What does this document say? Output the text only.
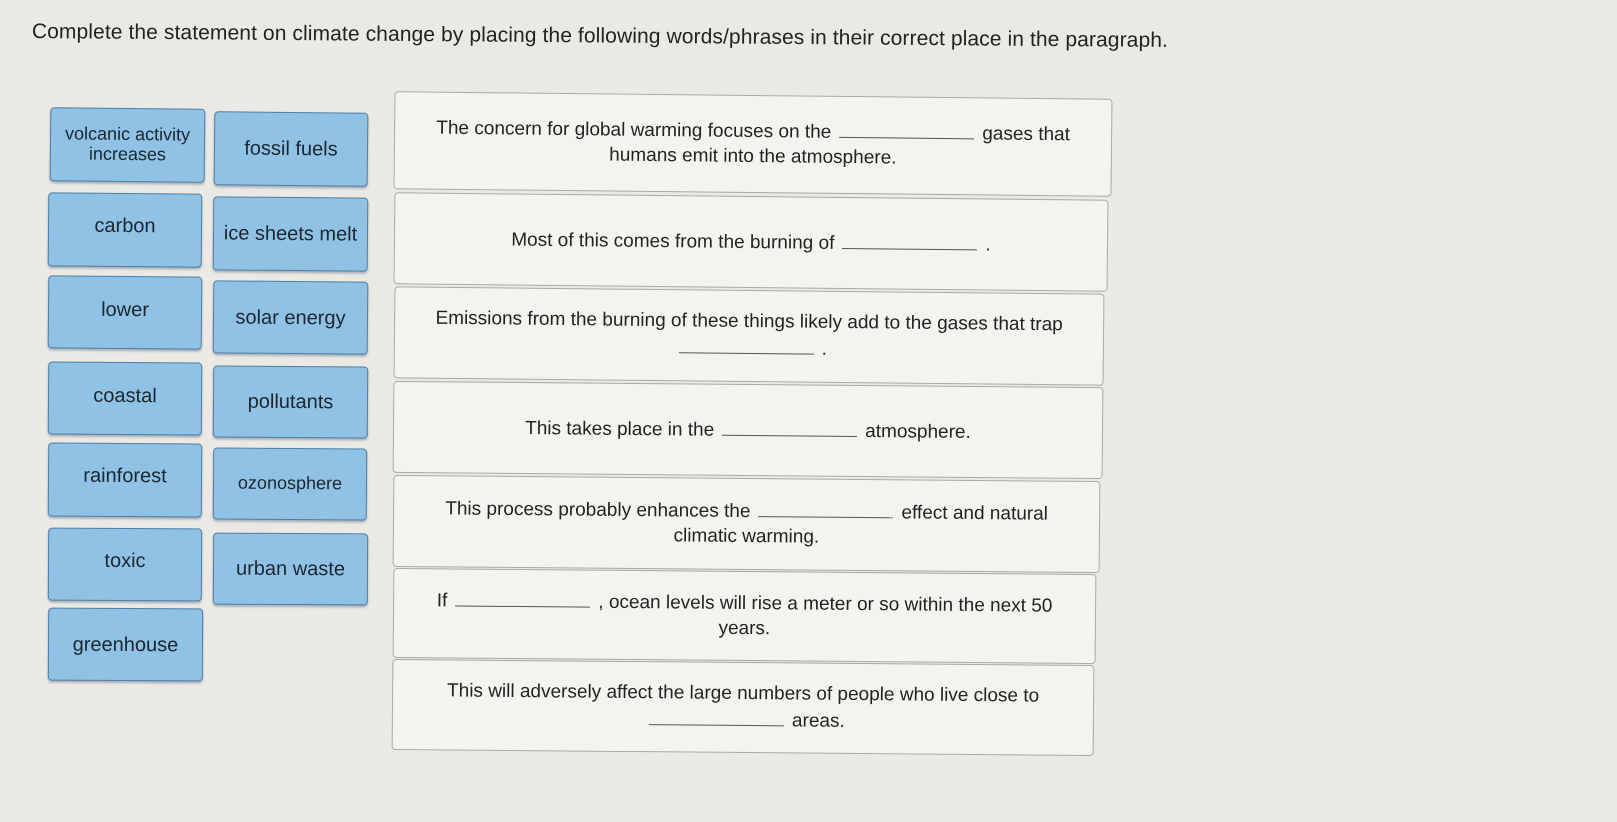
Complete the statement on climate change by placing the following words/phrases in their correct place in the paragraph.
volcanic activity increases	fossil fuels
carbon	ice sheets melt
lower	solar energy
coastal	pollutants
rainforest	ozonosphere
toxic	urban waste
greenhouse
The concern for global warming focuses on the	gases that humans emit into the atmosphere.
Most of this comes from the burning of	.
Emissions from the burning of these things likely add to the gases that trap.
This takes place in the	atmosphere.
This process probably enhances the	effect and natural climatic warming.
If	, ocean levels will rise a meter or so within the next 50 years.
This will adversely affect the large numbers of people who live close toareas.
